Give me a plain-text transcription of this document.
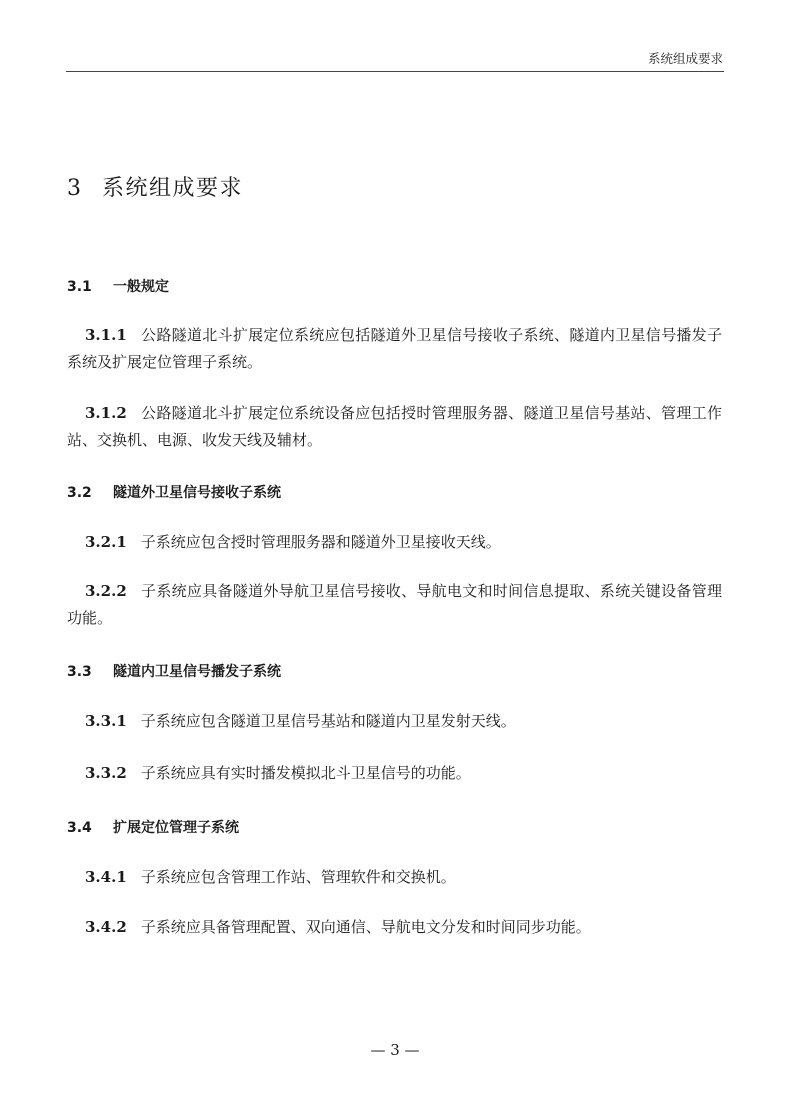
系统组成要求
3 系统组成要求
3.1 一般规定
3.1.1 公路隧道北斗扩展定位系统应包括隧道外卫星信号接收子系统、隧道内卫星信号播发子系统及扩展定位管理子系统。
3.1.2 公路隧道北斗扩展定位系统设备应包括授时管理服务器、隧道卫星信号基站、管理工作站、交换机、电源、收发天线及辅材。
3.2 隧道外卫星信号接收子系统
3.2.1 子系统应包含授时管理服务器和隧道外卫星接收天线。
3.2.2 子系统应具备隧道外导航卫星信号接收、导航电文和时间信息提取、系统关键设备管理功能。
3.3 隧道内卫星信号播发子系统
3.3.1 子系统应包含隧道卫星信号基站和隧道内卫星发射天线。
3.3.2 子系统应具有实时播发模拟北斗卫星信号的功能。
3.4 扩展定位管理子系统
3.4.1 子系统应包含管理工作站、管理软件和交换机。
3.4.2 子系统应具备管理配置、双向通信、导航电文分发和时间同步功能。
— 3 —
